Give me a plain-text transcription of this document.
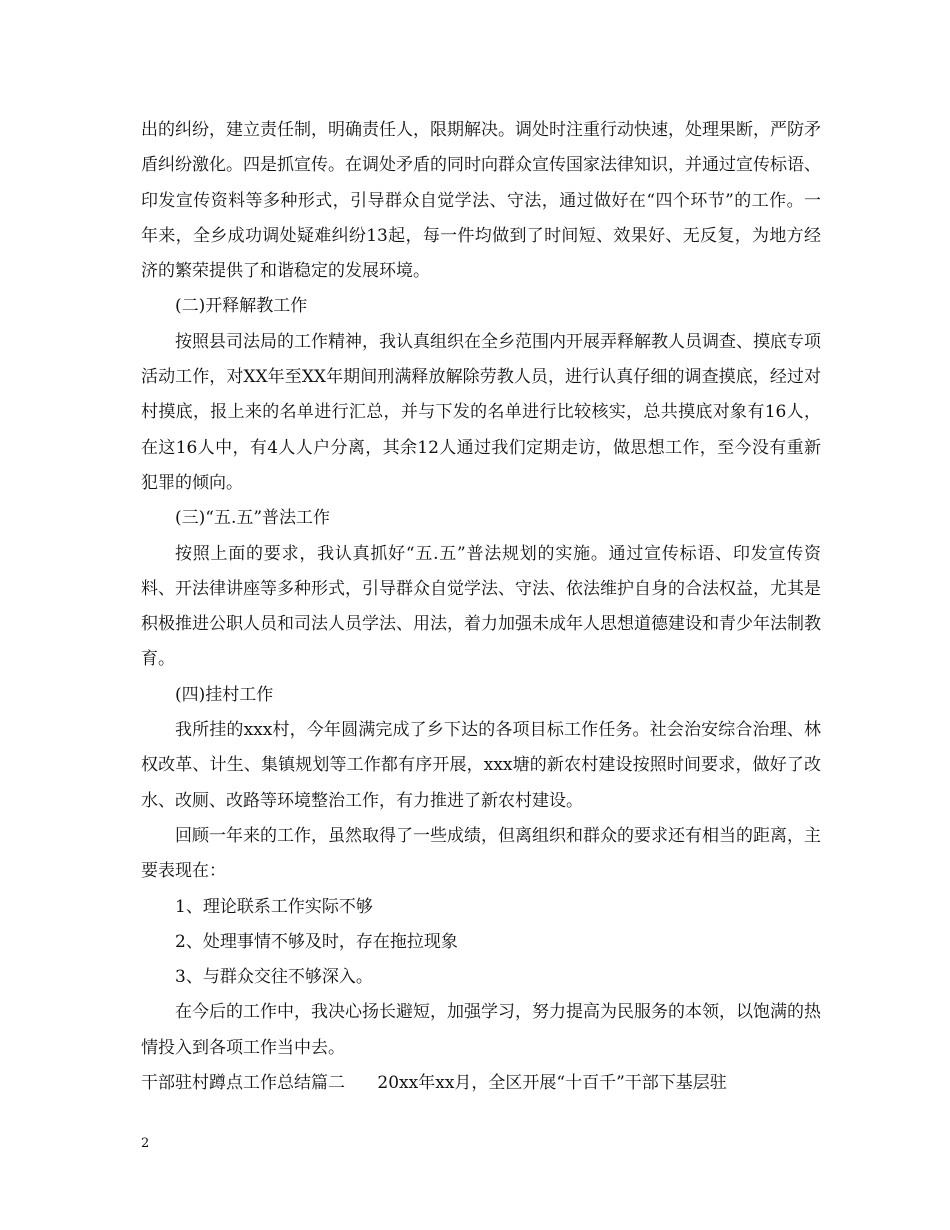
出的纠纷，建立责任制，明确责任人，限期解决。调处时注重行动快速，处理果断，严防矛盾纠纷激化。四是抓宣传。在调处矛盾的同时向群众宣传国家法律知识，并通过宣传标语、印发宣传资料等多种形式，引导群众自觉学法、守法，通过做好在“四个环节”的工作。一年来，全乡成功调处疑难纠纷13起，每一件均做到了时间短、效果好、无反复，为地方经济的繁荣提供了和谐稳定的发展环境。

(二)开释解教工作

按照县司法局的工作精神，我认真组织在全乡范围内开展弄释解教人员调查、摸底专项活动工作，对XX年至XX年期间刑满释放解除劳教人员，进行认真仔细的调查摸底，经过对村摸底，报上来的名单进行汇总，并与下发的名单进行比较核实，总共摸底对象有16人，在这16人中，有4人人户分离，其余12人通过我们定期走访，做思想工作，至今没有重新犯罪的倾向。

(三)“五.五”普法工作

按照上面的要求，我认真抓好“五.五”普法规划的实施。通过宣传标语、印发宣传资料、开法律讲座等多种形式，引导群众自觉学法、守法、依法维护自身的合法权益，尤其是积极推进公职人员和司法人员学法、用法，着力加强未成年人思想道德建设和青少年法制教育。

(四)挂村工作

我所挂的xxx村，今年圆满完成了乡下达的各项目标工作任务。社会治安综合治理、林权改革、计生、集镇规划等工作都有序开展，xxx塘的新农村建设按照时间要求，做好了改水、改厕、改路等环境整治工作，有力推进了新农村建设。

回顾一年来的工作，虽然取得了一些成绩，但离组织和群众的要求还有相当的距离，主要表现在：

1、理论联系工作实际不够

2、处理事情不够及时，存在拖拉现象

3、与群众交往不够深入。

在今后的工作中，我决心扬长避短，加强学习，努力提高为民服务的本领，以饱满的热情投入到各项工作当中去。

干部驻村蹲点工作总结篇二      20xx年xx月，全区开展“十百千”干部下基层驻

2
